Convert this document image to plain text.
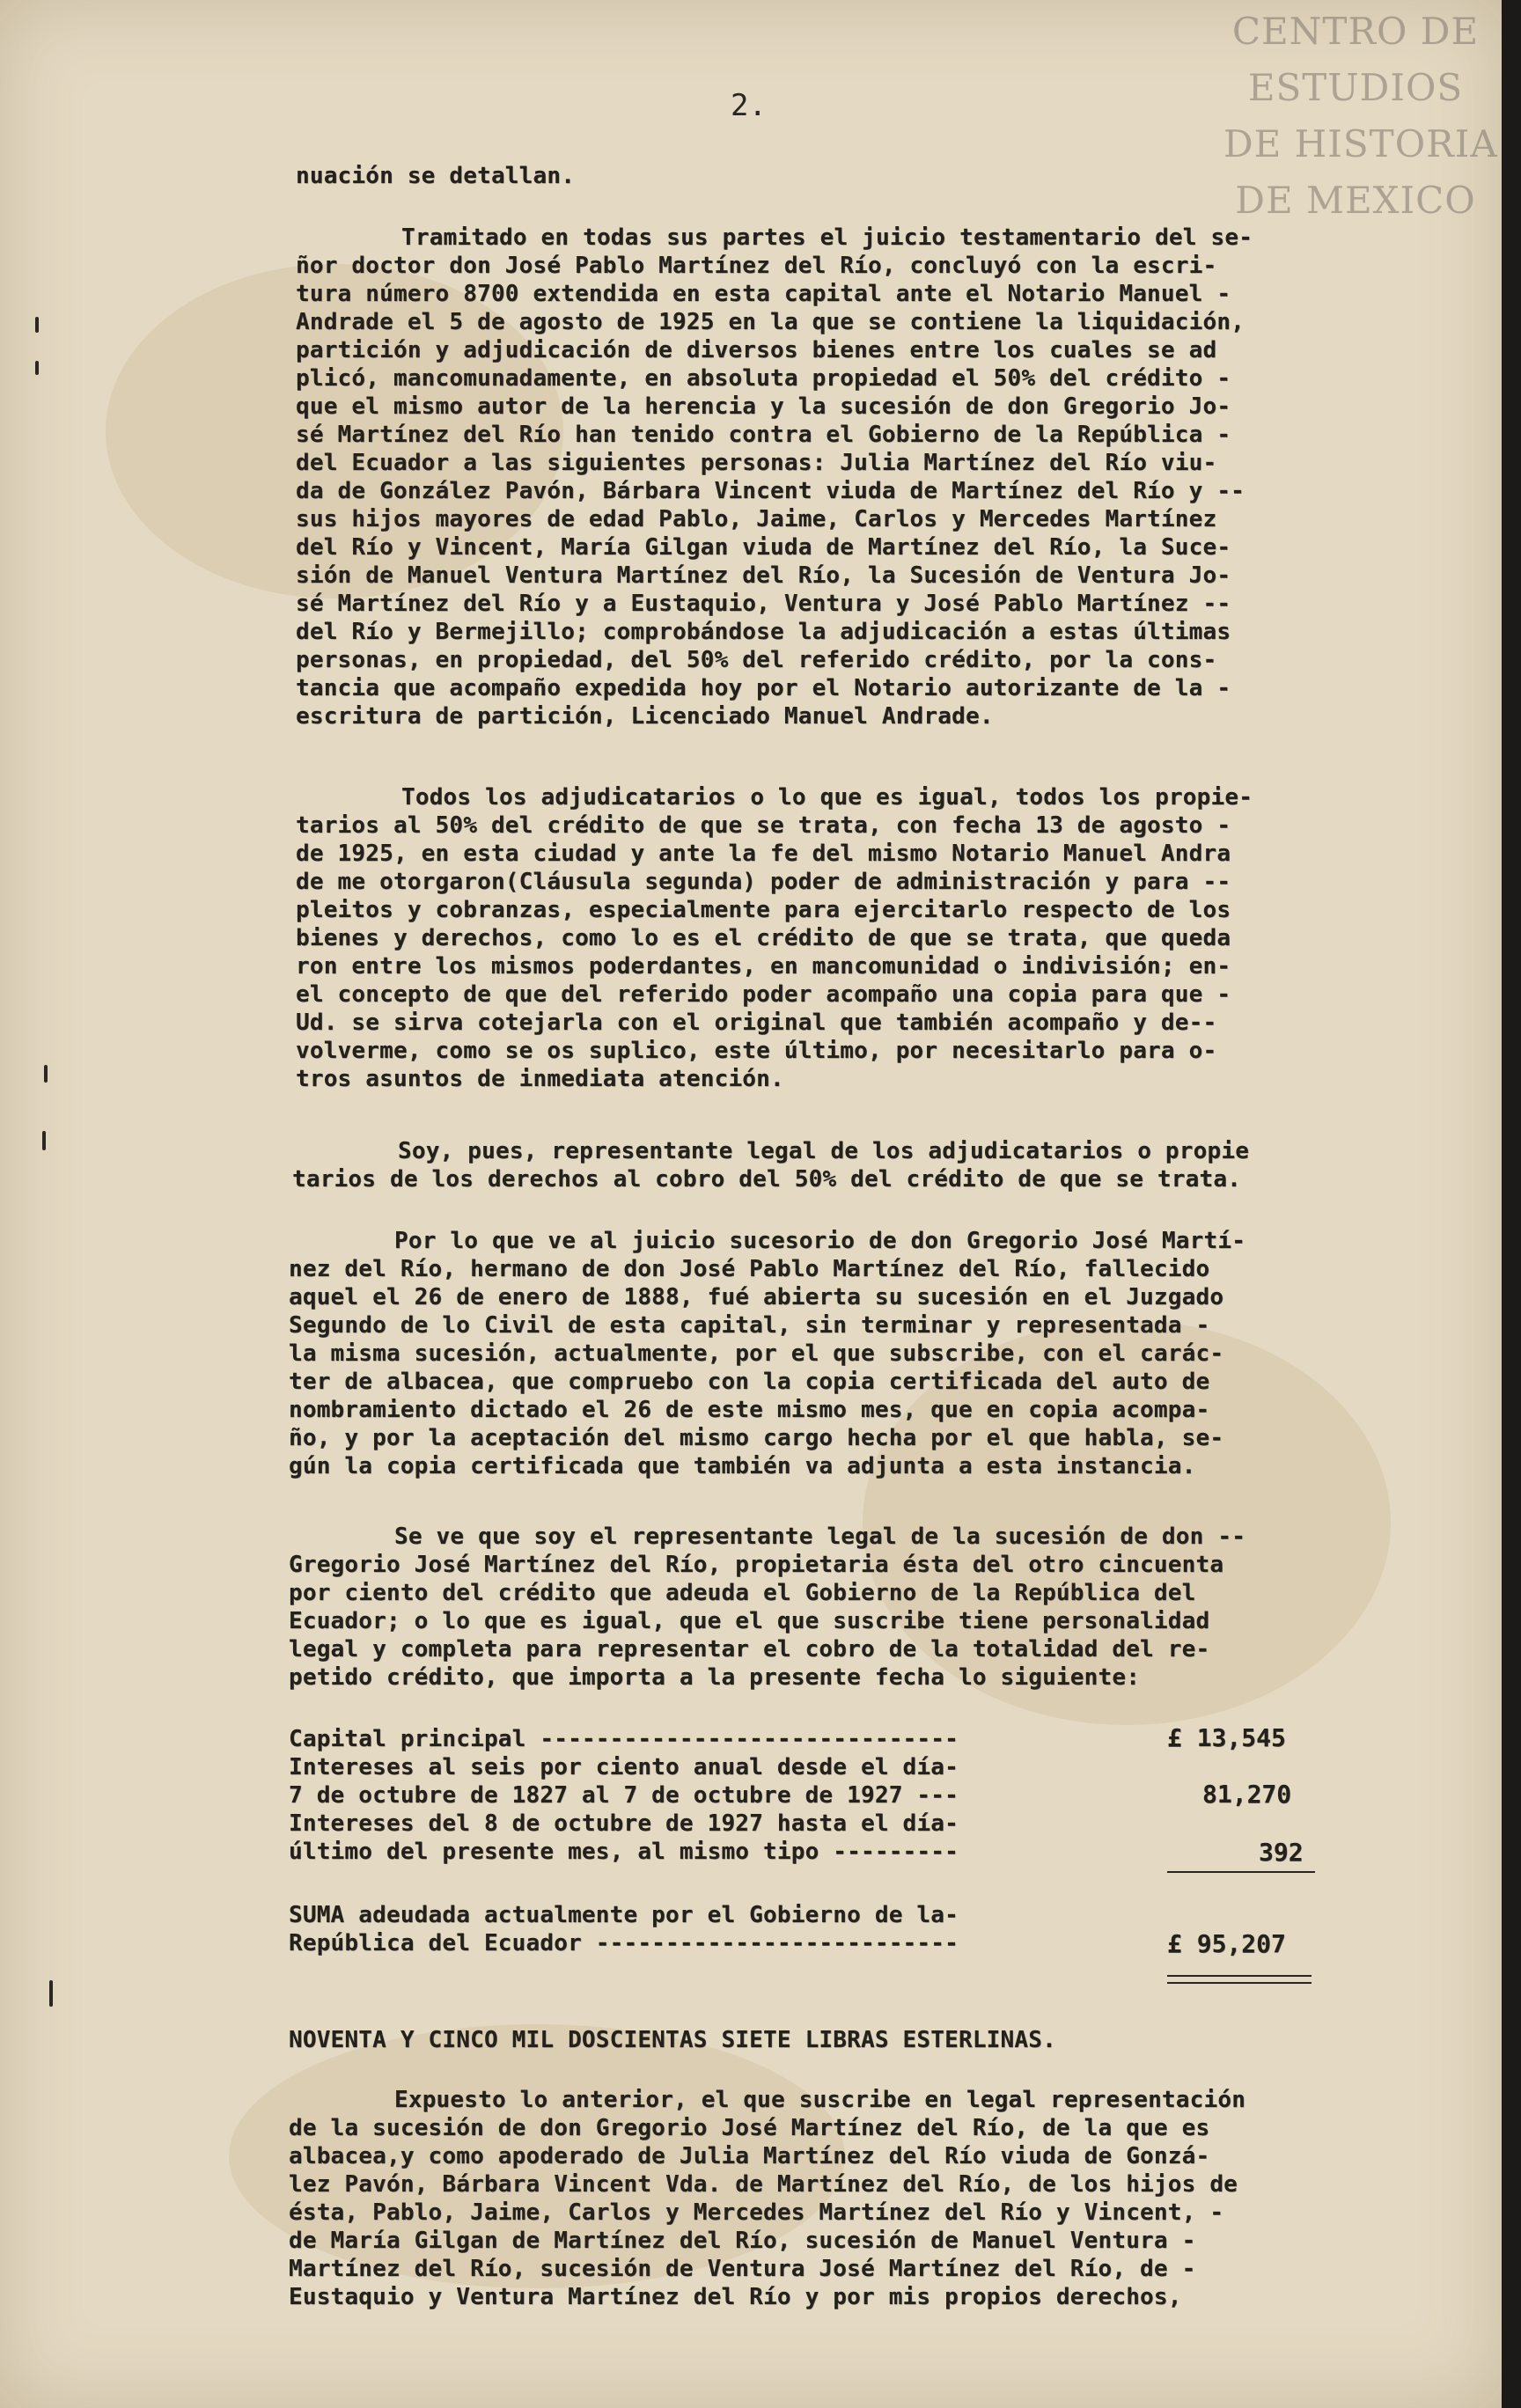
CENTRO DE
ESTUDIOS
DE HISTORIA
DE MEXICO
2.
nuación se detallan.
Tramitado en todas sus partes el juicio testamentario del se-
ñor doctor don José Pablo Martínez del Río, concluyó con la escri-
tura número 8700 extendida en esta capital ante el Notario Manuel -
Andrade el 5 de agosto de 1925 en la que se contiene la liquidación,
partición y adjudicación de diversos bienes entre los cuales se ad
plicó, mancomunadamente, en absoluta propiedad el 50% del crédito -
que el mismo autor de la herencia y la sucesión de don Gregorio Jo-
sé Martínez del Río han tenido contra el Gobierno de la República -
del Ecuador a las siguientes personas: Julia Martínez del Río viu-
da de González Pavón, Bárbara Vincent viuda de Martínez del Río y --
sus hijos mayores de edad Pablo, Jaime, Carlos y Mercedes Martínez
del Río y Vincent, María Gilgan viuda de Martínez del Río, la Suce-
sión de Manuel Ventura Martínez del Río, la Sucesión de Ventura Jo-
sé Martínez del Río y a Eustaquio, Ventura y José Pablo Martínez --
del Río y Bermejillo; comprobándose la adjudicación a estas últimas
personas, en propiedad, del 50% del referido crédito, por la cons-
tancia que acompaño expedida hoy por el Notario autorizante de la -
escritura de partición, Licenciado Manuel Andrade.
Todos los adjudicatarios o lo que es igual, todos los propie-
tarios al 50% del crédito de que se trata, con fecha 13 de agosto -
de 1925, en esta ciudad y ante la fe del mismo Notario Manuel Andra
de me otorgaron(Cláusula segunda) poder de administración y para --
pleitos y cobranzas, especialmente para ejercitarlo respecto de los
bienes y derechos, como lo es el crédito de que se trata, que queda
ron entre los mismos poderdantes, en mancomunidad o indivisión; en-
el concepto de que del referido poder acompaño una copia para que -
Ud. se sirva cotejarla con el original que también acompaño y de--
volverme, como se os suplico, este último, por necesitarlo para o-
tros asuntos de inmediata atención.
Soy, pues, representante legal de los adjudicatarios o propie
tarios de los derechos al cobro del 50% del crédito de que se trata.
Por lo que ve al juicio sucesorio de don Gregorio José Martí-
nez del Río, hermano de don José Pablo Martínez del Río, fallecido
aquel el 26 de enero de 1888, fué abierta su sucesión en el Juzgado
Segundo de lo Civil de esta capital, sin terminar y representada -
la misma sucesión, actualmente, por el que subscribe, con el carác-
ter de albacea, que compruebo con la copia certificada del auto de
nombramiento dictado el 26 de este mismo mes, que en copia acompa-
ño, y por la aceptación del mismo cargo hecha por el que habla, se-
gún la copia certificada que también va adjunta a esta instancia.
Se ve que soy el representante legal de la sucesión de don --
Gregorio José Martínez del Río, propietaria ésta del otro cincuenta
por ciento del crédito que adeuda el Gobierno de la República del
Ecuador; o lo que es igual, que el que suscribe tiene personalidad
legal y completa para representar el cobro de la totalidad del re-
petido crédito, que importa a la presente fecha lo siguiente:
Capital principal ------------------------------	£ 13,545
Intereses al seis por ciento anual desde el día-
7 de octubre de 1827 al 7 de octubre de 1927 ---	81,270
Intereses del 8 de octubre de 1927 hasta el día-
último del presente mes, al mismo tipo ---------	392
SUMA adeudada actualmente por el Gobierno de la-
República del Ecuador --------------------------	£ 95,207
NOVENTA Y CINCO MIL DOSCIENTAS SIETE LIBRAS ESTERLINAS.
Expuesto lo anterior, el que suscribe en legal representación
de la sucesión de don Gregorio José Martínez del Río, de la que es
albacea,y como apoderado de Julia Martínez del Río viuda de Gonzá-
lez Pavón, Bárbara Vincent Vda. de Martínez del Río, de los hijos de
ésta, Pablo, Jaime, Carlos y Mercedes Martínez del Río y Vincent, -
de María Gilgan de Martínez del Río, sucesión de Manuel Ventura -
Martínez del Río, sucesión de Ventura José Martínez del Río, de -
Eustaquio y Ventura Martínez del Río y por mis propios derechos,
